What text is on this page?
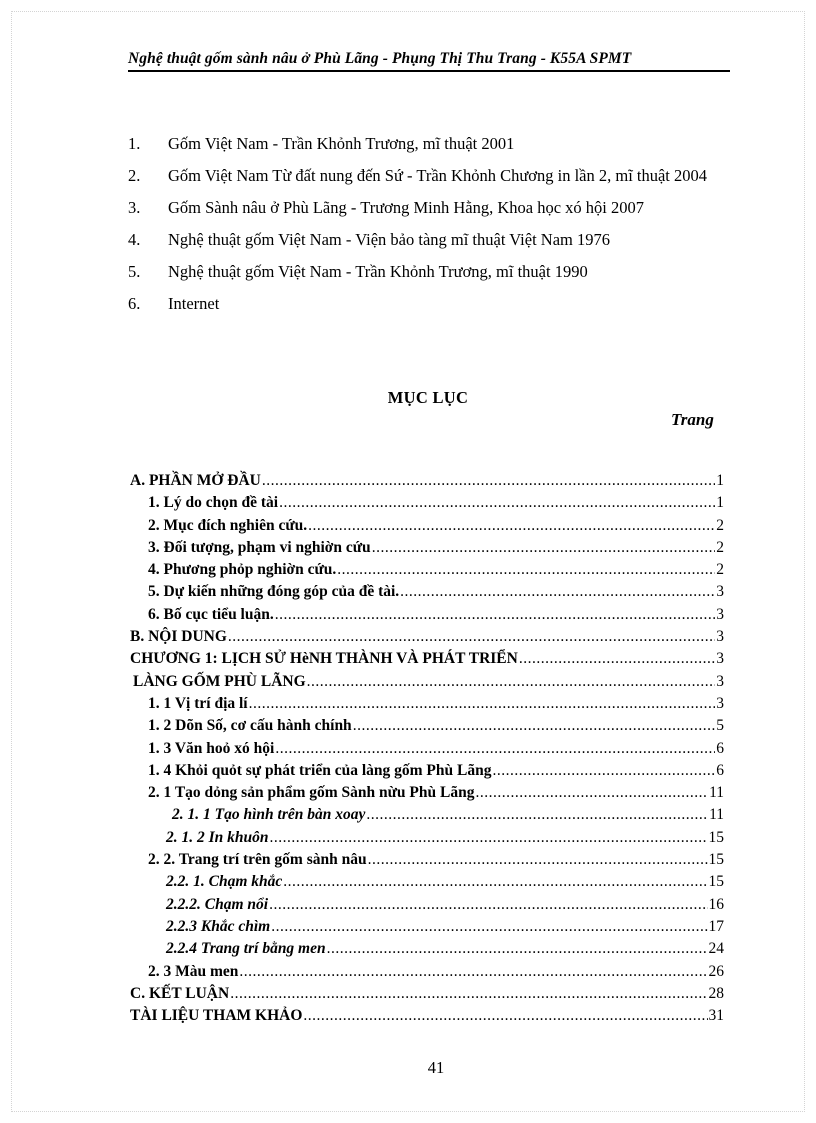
Nghệ thuật gốm sành nâu ở Phù Lãng - Phụng Thị Thu Trang - K55A SPMT
1. Gốm Việt Nam - Trần Khỏnh Trương, mĩ thuật 2001
2. Gốm Việt Nam Từ đất nung đến Sứ - Trần Khỏnh Chương in lần 2, mĩ thuật 2004
3. Gốm Sành nâu ở Phù Lãng - Trương Minh Hằng, Khoa học xó hội 2007
4. Nghệ thuật gốm Việt Nam - Viện bảo tàng mĩ thuật Việt Nam 1976
5. Nghệ thuật gốm Việt Nam - Trần Khỏnh Trương, mĩ thuật 1990
6. Internet
MỤC LỤC
Trang
A. PHẦN MỞ ĐẦU .....	1
1. Lý do chọn đề tài .....	1
2. Mục đích nghiên cứu. .....	2
3. Đối tượng, phạm vi nghiờn cứu .....	2
4. Phương phỏp nghiờn cứu. .....	2
5. Dự kiến những đóng góp của đề tài. .....	3
6. Bố cục tiểu luận. .....	3
B. NỘI DUNG .....	3
CHƯƠNG 1: LỊCH SỬ HèNH THÀNH VÀ PHÁT TRIỂN .....	3
LÀNG GỐM PHÙ LÃNG .....	3
1. 1 Vị trí địa lí .....	3
1. 2 Dõn Số, cơ cấu hành chính .....	5
1. 3 Văn hoỏ xó hội .....	6
1. 4 Khỏi quỏt sự phát triển của làng gốm Phù Lãng .....	6
2. 1 Tạo dỏng sản phẩm gốm Sành nừu Phù Lãng .....	11
2. 1. 1 Tạo hình trên bàn xoay .....	11
2. 1. 2 In khuôn .....	15
2. 2. Trang trí trên gốm sành nâu .....	15
2.2. 1. Chạm khắc .....	15
2.2.2. Chạm nổi .....	16
2.2.3 Khắc chìm .....	17
2.2.4 Trang trí bằng men .....	24
2. 3 Màu men .....	26
C. KẾT LUẬN .....	28
TÀI LIỆU THAM KHẢO .....	31
41
